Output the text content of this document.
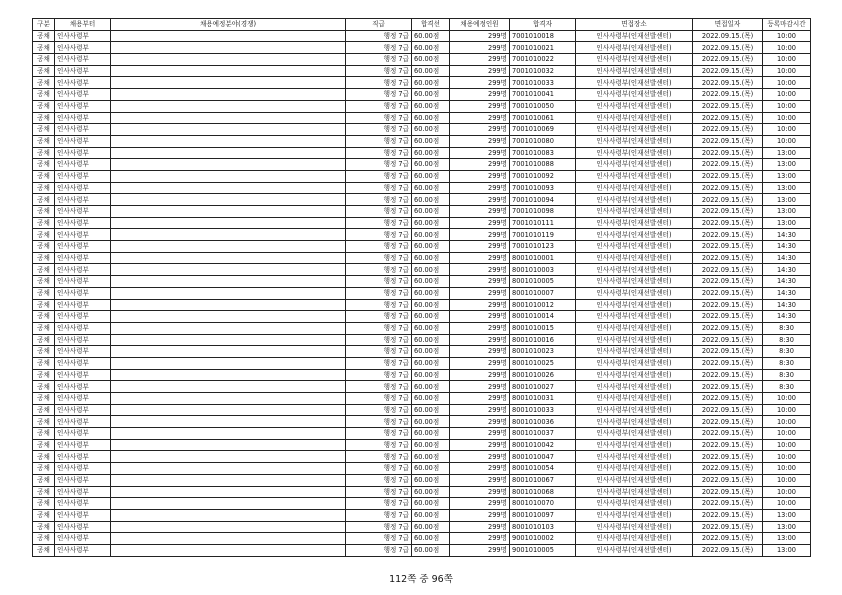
구분	채용부터	채용예정분야(경쟁)	직급	합격선	채용예정인원	합격자	면접장소	면접일자	등록마감시간
공채	인사사령부		행정 7급	60.00점	299명	7001010018	인사사령부(인재선발센터)	2022.09.15.(목)	10:00
공채	인사사령부		행정 7급	60.00점	299명	7001010021	인사사령부(인재선발센터)	2022.09.15.(목)	10:00
공채	인사사령부		행정 7급	60.00점	299명	7001010022	인사사령부(인재선발센터)	2022.09.15.(목)	10:00
공채	인사사령부		행정 7급	60.00점	299명	7001010032	인사사령부(인재선발센터)	2022.09.15.(목)	10:00
공채	인사사령부		행정 7급	60.00점	299명	7001010033	인사사령부(인재선발센터)	2022.09.15.(목)	10:00
공채	인사사령부		행정 7급	60.00점	299명	7001010041	인사사령부(인재선발센터)	2022.09.15.(목)	10:00
공채	인사사령부		행정 7급	60.00점	299명	7001010050	인사사령부(인재선발센터)	2022.09.15.(목)	10:00
공채	인사사령부		행정 7급	60.00점	299명	7001010061	인사사령부(인재선발센터)	2022.09.15.(목)	10:00
공채	인사사령부		행정 7급	60.00점	299명	7001010069	인사사령부(인재선발센터)	2022.09.15.(목)	10:00
공채	인사사령부		행정 7급	60.00점	299명	7001010080	인사사령부(인재선발센터)	2022.09.15.(목)	10:00
공채	인사사령부		행정 7급	60.00점	299명	7001010083	인사사령부(인재선발센터)	2022.09.15.(목)	13:00
공채	인사사령부		행정 7급	60.00점	299명	7001010088	인사사령부(인재선발센터)	2022.09.15.(목)	13:00
공채	인사사령부		행정 7급	60.00점	299명	7001010092	인사사령부(인재선발센터)	2022.09.15.(목)	13:00
공채	인사사령부		행정 7급	60.00점	299명	7001010093	인사사령부(인재선발센터)	2022.09.15.(목)	13:00
공채	인사사령부		행정 7급	60.00점	299명	7001010094	인사사령부(인재선발센터)	2022.09.15.(목)	13:00
공채	인사사령부		행정 7급	60.00점	299명	7001010098	인사사령부(인재선발센터)	2022.09.15.(목)	13:00
공채	인사사령부		행정 7급	60.00점	299명	7001010111	인사사령부(인재선발센터)	2022.09.15.(목)	13:00
공채	인사사령부		행정 7급	60.00점	299명	7001010119	인사사령부(인재선발센터)	2022.09.15.(목)	14:30
공채	인사사령부		행정 7급	60.00점	299명	7001010123	인사사령부(인재선발센터)	2022.09.15.(목)	14:30
공채	인사사령부		행정 7급	60.00점	299명	8001010001	인사사령부(인재선발센터)	2022.09.15.(목)	14:30
공채	인사사령부		행정 7급	60.00점	299명	8001010003	인사사령부(인재선발센터)	2022.09.15.(목)	14:30
공채	인사사령부		행정 7급	60.00점	299명	8001010005	인사사령부(인재선발센터)	2022.09.15.(목)	14:30
공채	인사사령부		행정 7급	60.00점	299명	8001010007	인사사령부(인재선발센터)	2022.09.15.(목)	14:30
공채	인사사령부		행정 7급	60.00점	299명	8001010012	인사사령부(인재선발센터)	2022.09.15.(목)	14:30
공채	인사사령부		행정 7급	60.00점	299명	8001010014	인사사령부(인재선발센터)	2022.09.15.(목)	14:30
공채	인사사령부		행정 7급	60.00점	299명	8001010015	인사사령부(인재선발센터)	2022.09.15.(목)	8:30
공채	인사사령부		행정 7급	60.00점	299명	8001010016	인사사령부(인재선발센터)	2022.09.15.(목)	8:30
공채	인사사령부		행정 7급	60.00점	299명	8001010023	인사사령부(인재선발센터)	2022.09.15.(목)	8:30
공채	인사사령부		행정 7급	60.00점	299명	8001010025	인사사령부(인재선발센터)	2022.09.15.(목)	8:30
공채	인사사령부		행정 7급	60.00점	299명	8001010026	인사사령부(인재선발센터)	2022.09.15.(목)	8:30
공채	인사사령부		행정 7급	60.00점	299명	8001010027	인사사령부(인재선발센터)	2022.09.15.(목)	8:30
공채	인사사령부		행정 7급	60.00점	299명	8001010031	인사사령부(인재선발센터)	2022.09.15.(목)	10:00
공채	인사사령부		행정 7급	60.00점	299명	8001010033	인사사령부(인재선발센터)	2022.09.15.(목)	10:00
공채	인사사령부		행정 7급	60.00점	299명	8001010036	인사사령부(인재선발센터)	2022.09.15.(목)	10:00
공채	인사사령부		행정 7급	60.00점	299명	8001010037	인사사령부(인재선발센터)	2022.09.15.(목)	10:00
공채	인사사령부		행정 7급	60.00점	299명	8001010042	인사사령부(인재선발센터)	2022.09.15.(목)	10:00
공채	인사사령부		행정 7급	60.00점	299명	8001010047	인사사령부(인재선발센터)	2022.09.15.(목)	10:00
공채	인사사령부		행정 7급	60.00점	299명	8001010054	인사사령부(인재선발센터)	2022.09.15.(목)	10:00
공채	인사사령부		행정 7급	60.00점	299명	8001010067	인사사령부(인재선발센터)	2022.09.15.(목)	10:00
공채	인사사령부		행정 7급	60.00점	299명	8001010068	인사사령부(인재선발센터)	2022.09.15.(목)	10:00
공채	인사사령부		행정 7급	60.00점	299명	8001010070	인사사령부(인재선발센터)	2022.09.15.(목)	10:00
공채	인사사령부		행정 7급	60.00점	299명	8001010097	인사사령부(인재선발센터)	2022.09.15.(목)	13:00
공채	인사사령부		행정 7급	60.00점	299명	8001010103	인사사령부(인재선발센터)	2022.09.15.(목)	13:00
공채	인사사령부		행정 7급	60.00점	299명	9001010002	인사사령부(인재선발센터)	2022.09.15.(목)	13:00
공채	인사사령부		행정 7급	60.00점	299명	9001010005	인사사령부(인재선발센터)	2022.09.15.(목)	13:00
112쪽 중 96쪽
